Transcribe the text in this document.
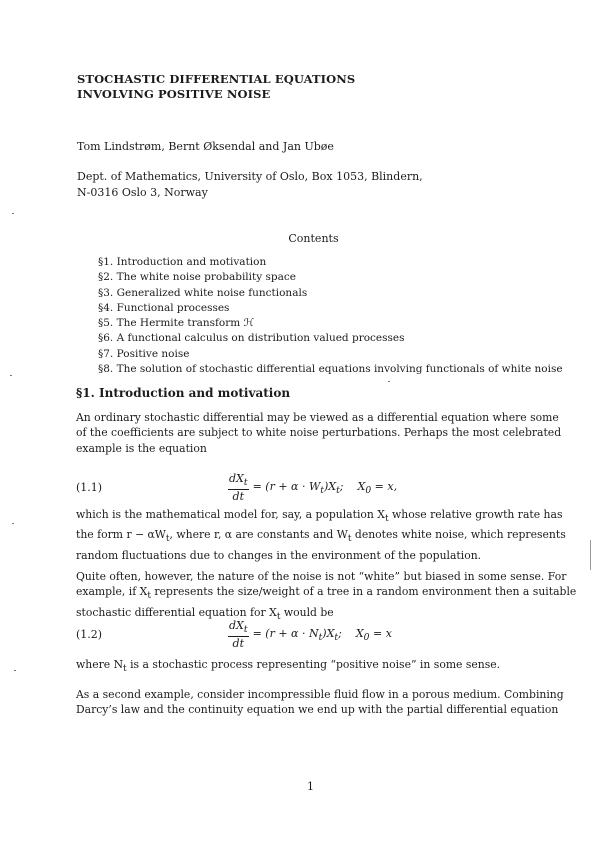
STOCHASTIC DIFFERENTIAL EQUATIONS
INVOLVING POSITIVE NOISE
Tom Lindstrøm, Bernt Øksendal and Jan Ubøe
Dept. of Mathematics, University of Oslo, Box 1053, Blindern,
N-0316 Oslo 3, Norway
Contents
§1. Introduction and motivation
§2. The white noise probability space
§3. Generalized white noise functionals
§4. Functional processes
§5. The Hermite transform ℋ
§6. A functional calculus on distribution valued processes
§7. Positive noise
§8. The solution of stochastic differential equations involving functionals of white noise
§1. Introduction and motivation
An ordinary stochastic differential may be viewed as a differential equation where some
of the coefficients are subject to white noise perturbations. Perhaps the most celebrated
example is the equation
(1.1)	$\frac{dX_t}{dt} = (r + \alpha \cdot W_t)X_t$; $X_0 = x$,
which is the mathematical model for, say, a population $X_t$ whose relative growth rate has
the form $r - \alpha W_t$, where r, α are constants and $W_t$ denotes white noise, which represents
random fluctuations due to changes in the environment of the population.
Quite often, however, the nature of the noise is not “white” but biased in some sense. For
example, if $X_t$ represents the size/weight of a tree in a random environment then a suitable
stochastic differential equation for $X_t$ would be
(1.2)	$\frac{dX_t}{dt} = (r + \alpha \cdot N_t)X_t$; $X_0 = x$
where $N_t$ is a stochastic process representing “positive noise” in some sense.
As a second example, consider incompressible fluid flow in a porous medium. Combining
Darcy’s law and the continuity equation we end up with the partial differential equation
1
